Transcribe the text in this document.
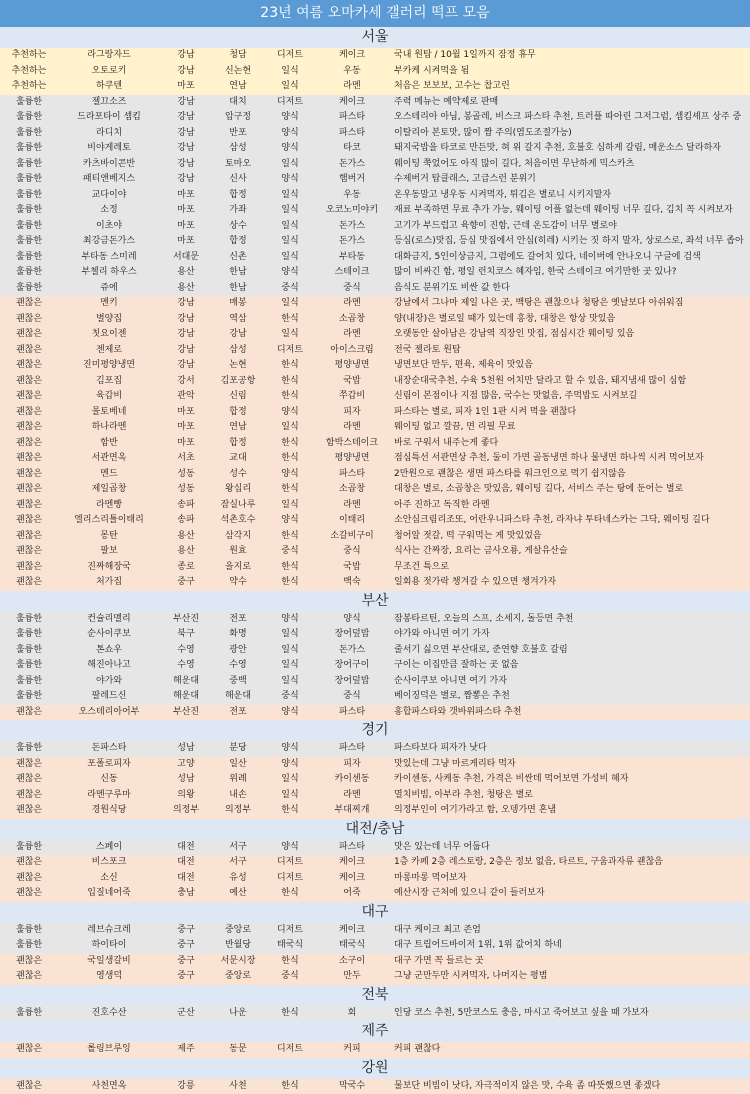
23년 여름 오마카세 갤러리 떡프 모음
서울
추천하는	라그랑자드	강남	청담	디저트	케이크	국내 원탑 / 10월 1일까지 잠정 휴무
추천하는	오토로키	강남	신논현	일식	우동	부카케 시켜먹을 됨
추천하는	하쿠텐	마포	연남	일식	라멘	처음은 보보보, 고수는 찹고린
훌륭한	젤끄소즈	강남	대치	디저트	케이크	주력 메뉴는 예약제로 판매
훌륭한	드라포타이 셈킴	강남	압구정	양식	파스타	오스테리아 아님, 봉골레, 비스크 파스타 추천, 트러플 따아린 그저그럼, 셈킴셰프 상주 중
훌륭한	라디치	강남	반포	양식	파스타	이탈리아 본토맛, 많이 짬 주의(염도조절가능)
훌륭한	비야게레토	강남	삼성	양식	타코	돼지국밥을 타코로 만든맛, 혀 위 갈지 추천, 호불호 심하게 갈림, 매운소스 달라하자
훌륭한	카츠바이콘반	강남	토마오	일식	돈가스	웨이팅 쭉었어도 아직 많이 길다, 처음이면 무난하게 믹스카츠
훌륭한	패티앤베지스	강남	신사	양식	햄버거	수제버거 탑클래스, 고급스런 분위기
훌륭한	교다이야	마포	합정	일식	우동	온우동말고 냉우동 시켜먹자, 튀김은 별로니 시키지말자
훌륭한	소정	마포	가좌	일식	오코노미야키	재료 부족하면 무료 추가 가능, 웨이팅 어플 없는데 웨이팅 너무 길다, 김치 꼭 시켜보자
훌륭한	이초야	마포	상수	일식	돈가스	고기가 부드럽고 육향이 진함, 근데 온도감이 너무 별로야
훌륭한	최강금돈가스	마포	합정	일식	돈가스	등심(로스)맛집, 등심 맛집에서 안심(히레) 시키는 짓 하지 말자, 상로스로, 좌석 너무 좁아
훌륭한	부타동 스미레	서대문	신촌	일식	부타동	대화금지, 5인이상금지, 그럼에도 갈어치 있다, 네이버에 안나오니 구글에 검색
훌륭한	부첼리 하우스	용산	한남	양식	스테이크	많이 비싸긴 함, 평일 런치코스 혜자임, 한국 스테이크 여기만한 곳 있나?
훌륭한	쥬에	용산	한남	중식	중식	음식도 분위기도 비싼 값 한다
괜찮은	멘키	강남	매봉	일식	라멘	강남에서 그나마 제일 나은 곳, 백탕은 괜찮으나 청탕은 옛날보다 아쉬워짐
괜찮은	별양집	강남	역삼	한식	소곱창	양(내장)은 별로일 때가 있는데 흥창, 대창은 항상 맛있음
괜찮은	칫요이젠	강남	강남	일식	라멘	오랫동안 살아남은 강남역 직장인 맛집, 점심시간 웨이팅 있음
괜찮은	젠제로	강남	삼성	디저트	아이스크림	전국 젤라토 원탑
괜찮은	진미평양냉면	강남	논현	한식	평양냉면	냉면보단 만두, 편육, 제육이 맛있음
괜찮은	김포집	강서	김포공항	한식	국밥	내장순대국추천, 수육 5천원 어치만 달라고 할 수 있음, 돼지냄새 많이 심함
괜찮은	육갑비	관악	신림	한식	쭈갑비	신림이 본점이나 지점 많음, 국수는 맛없음, 주먹밥도 시켜보길
괜찮은	몰토베네	마포	합정	양식	피자	파스타는 별로, 피자 1인 1판 시켜 먹을 괜찮다
괜찮은	하나라멘	마포	연남	일식	라멘	웨이팅 없고 깔끔, 면 리필 무료
괜찮은	함반	마포	합정	한식	함박스테이크	바로 구워서 내주는게 좋다
괜찮은	서관면옥	서초	교대	한식	평양냉면	점심특선 서관면상 추천, 둘이 가면 골동냉면 하나 물냉면 하나씩 시켜 먹어보자
괜찮은	멘드	성동	성수	양식	파스타	2만원으로 괜찮은 생면 파스타를 워크인으로 먹기 쉽지않음
괜찮은	제일곱창	성동	왕십리	한식	소곱창	대창은 별로, 소곱창은 맛있음, 웨이팅 길다, 서비스 주는 탕에 둔어는 별로
괜찮은	라멘빵	송파	잠실나루	일식	라멘	아주 진하고 독직한 라멘
괜찮은	엘리스리틀이태리	송파	석촌호수	양식	이태리	소안심크림리조또, 어란우니파스타 추천, 라자냐 투타네스카는 그닥, 웨이팅 길다
괜찮은	몽탄	용산	삼각지	한식	소갈비구이	청어알 젓갈, 떡 구워먹는 게 맛있었음
괜찮은	팔보	용산	원효	중식	중식	식사는 간짜장, 요리는 금사오룡, 게살유산슬
괜찮은	진짜해장국	종로	을지로	한식	국밥	무조건 특으로
괜찮은	처가집	중구	약수	한식	백숙	일회용 젓가락 챙겨갈 수 있으면 챙겨가자
부산
훌륭한	컨슐리멜리	부산진	전포	양식	양식	잠봉타르틴, 오늘의 스프, 소세지, 돌등면 추천
훌륭한	순사이쿠보	북구	화명	일식	장어덮밥	야가와 아니면 여기 가자
훌륭한	톤쇼우	수영	광안	일식	돈가스	줄서기 싫으면 부산대로, 준연향 호불호 갈림
훌륭한	해진아나고	수영	수영	일식	장어구이	구이는 이집만큼 잘하는 곳 없음
훌륭한	야가와	해운대	중백	일식	장어덮밥	순사이쿠보 아니면 여기 가자
훌륭한	팔레드신	해운대	해운대	중식	중식	베이징덕은 별로, 짬뽕은 추천
괜찮은	오스테리아어부	부산진	전포	양식	파스타	홍합파스타와 갯바위파스타 추천
경기
훌륭한	돈파스타	성남	분당	양식	파스타	파스타보다 피자가 낫다
괜찮은	포폴로피자	고양	일산	양식	피자	맛있는데 그냥 마르게리타 먹자
괜찮은	신동	성남	위례	일식	카이센동	카이센동, 사케동 추천, 가격은 비싼데 먹어보면 가성비 혜자
괜찮은	라멘구루마	의왕	내손	일식	라멘	멸치비빔, 아부라 추천, 청탕은 별로
괜찮은	경원식당	의정부	의정부	한식	부대찌개	의정부인이 여기가라고 함, 오뎅가면 혼냄
대전/충남
훌륭한	스페이	대전	서구	양식	파스타	맛은 있는데 너무 어둡다
괜찮은	비스포크	대전	서구	디저트	케이크	1층 카페 2층 레스토랑, 2층은 정보 없음, 타르트, 구움과자류 괜찮음
괜찮은	소신	대전	유성	디저트	케이크	마롱마롱 먹어보자
괜찮은	입질네어죽	충남	예산	한식	어죽	예산시장 근처에 있으니 같이 들러보자
대구
훌륭한	레브슈크레	중구	중앙로	디저트	케이크	대구 케이크 최고 존엄
훌륭한	하이타이	중구	반월당	태국식	태국식	대구 트립어드바이저 1위, 1위 값어치 하네
괜찮은	국일생갈비	중구	서문시장	한식	소구이	대구 가면 꼭 들르는 곳
괜찮은	영생덕	중구	중앙로	중식	만두	그냥 군만두만 시켜먹자, 나머지는 평범
전북
훌륭한	진호수산	군산	나운	한식	회	인당 코스 추천, 5만코스도 충응, 마시고 죽어보고 싶을 때 가보자
제주
괜찮은	롤링브루잉	제주	동문	디저트	커피	커피 괜찮다
강원
괜찮은	사천면옥	강릉	사천	한식	막국수	물보단 비빔이 낫다, 자극적이지 않은 맛, 수육 좀 따뜻했으면 좋겠다
